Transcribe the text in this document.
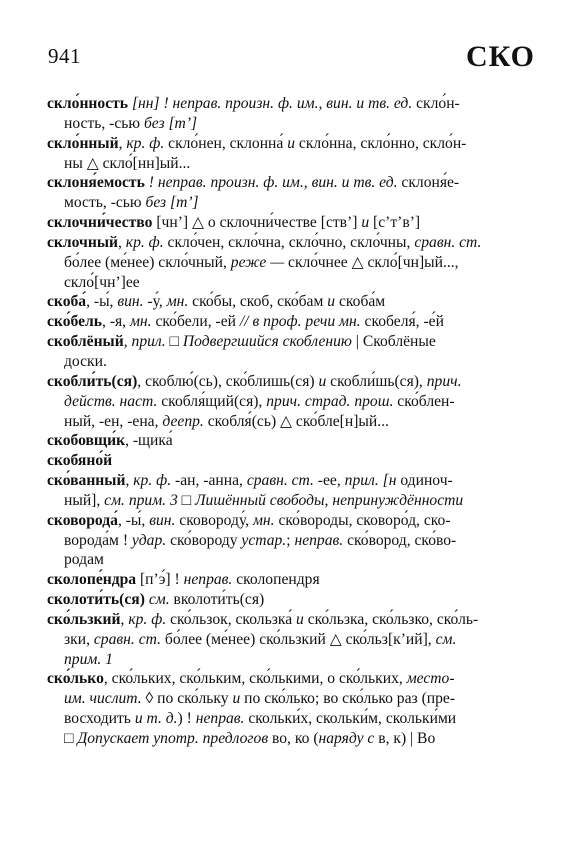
941	СКО
скло́нность [нн] ! неправ. произн. ф. им., вин. и тв. ед. скло́н-
ность, -сью без [тʼ]
скло́нный, кр. ф. скло́нен, склонна́ и скло́нна, скло́нно, скло́н-
ны △ скло́[нн]ый...
склоня́емость ! неправ. произн. ф. им., вин. и тв. ед. склоня́е-
мость, -сью без [тʼ]
склочни́чество [чнʼ] △ о склочни́честве [ствʼ] и [сʼтʼвʼ]
склочный, кр. ф. скло́чен, скло́чна, скло́чно, скло́чны, сравн. ст.
бо́лее (ме́нее) скло́чный, реже — скло́чнее △ скло́[чн]ый...,
скло́[чнʼ]ее
скоба́, -ы́, вин. -у́, мн. ско́бы, скоб, ско́бам и скоба́м
ско́бель, -я, мн. ско́бели, -ей // в проф. речи мн. скобеля́, -е́й
скоблёный, прил. □ Подвергшийся скоблению | Скоблёные
доски.
скобли́ть(ся), скоблю́(сь), ско́блишь(ся) и скобли́шь(ся), прич.
действ. наст. скобля́щий(ся), прич. страд. прош. ско́блен-
ный, -ен, -ена, деепр. скобля́(сь) △ ско́бле[н]ый...
скобовщи́к, -щика́
скобяно́й
ско́ванный, кр. ф. -ан, -анна, сравн. ст. -ее, прил. [н одиноч-
ный], см. прим. 3 □ Лишённый свободы, непринуждённости
сковорода́, -ы́, вин. сковороду́, мн. ско́вороды, сковоро́д, ско-
ворода́м ! удар. ско́вороду устар.; неправ. ско́вород, ско́во-
родам
сколопе́ндра [пʼэ́] ! неправ. сколопендря
сколоти́ть(ся) см. вколоти́ть(ся)
ско́льзкий, кр. ф. ско́льзок, скользка́ и ско́льзка, ско́льзко, ско́ль-
зки, сравн. ст. бо́лее (ме́нее) ско́льзкий △ ско́льз[кʼий], см.
прим. 1
ско́лько, ско́льких, ско́льким, ско́лькими, о ско́льких, место-
им. числит. ◊ по ско́льку и по ско́лько; во ско́лько раз (пре-
восходить и т. д.) ! неправ. скольки́х, скольки́м, скольки́ми
□ Допускает употр. предлогов во, ко (наряду с в, к) | Во
